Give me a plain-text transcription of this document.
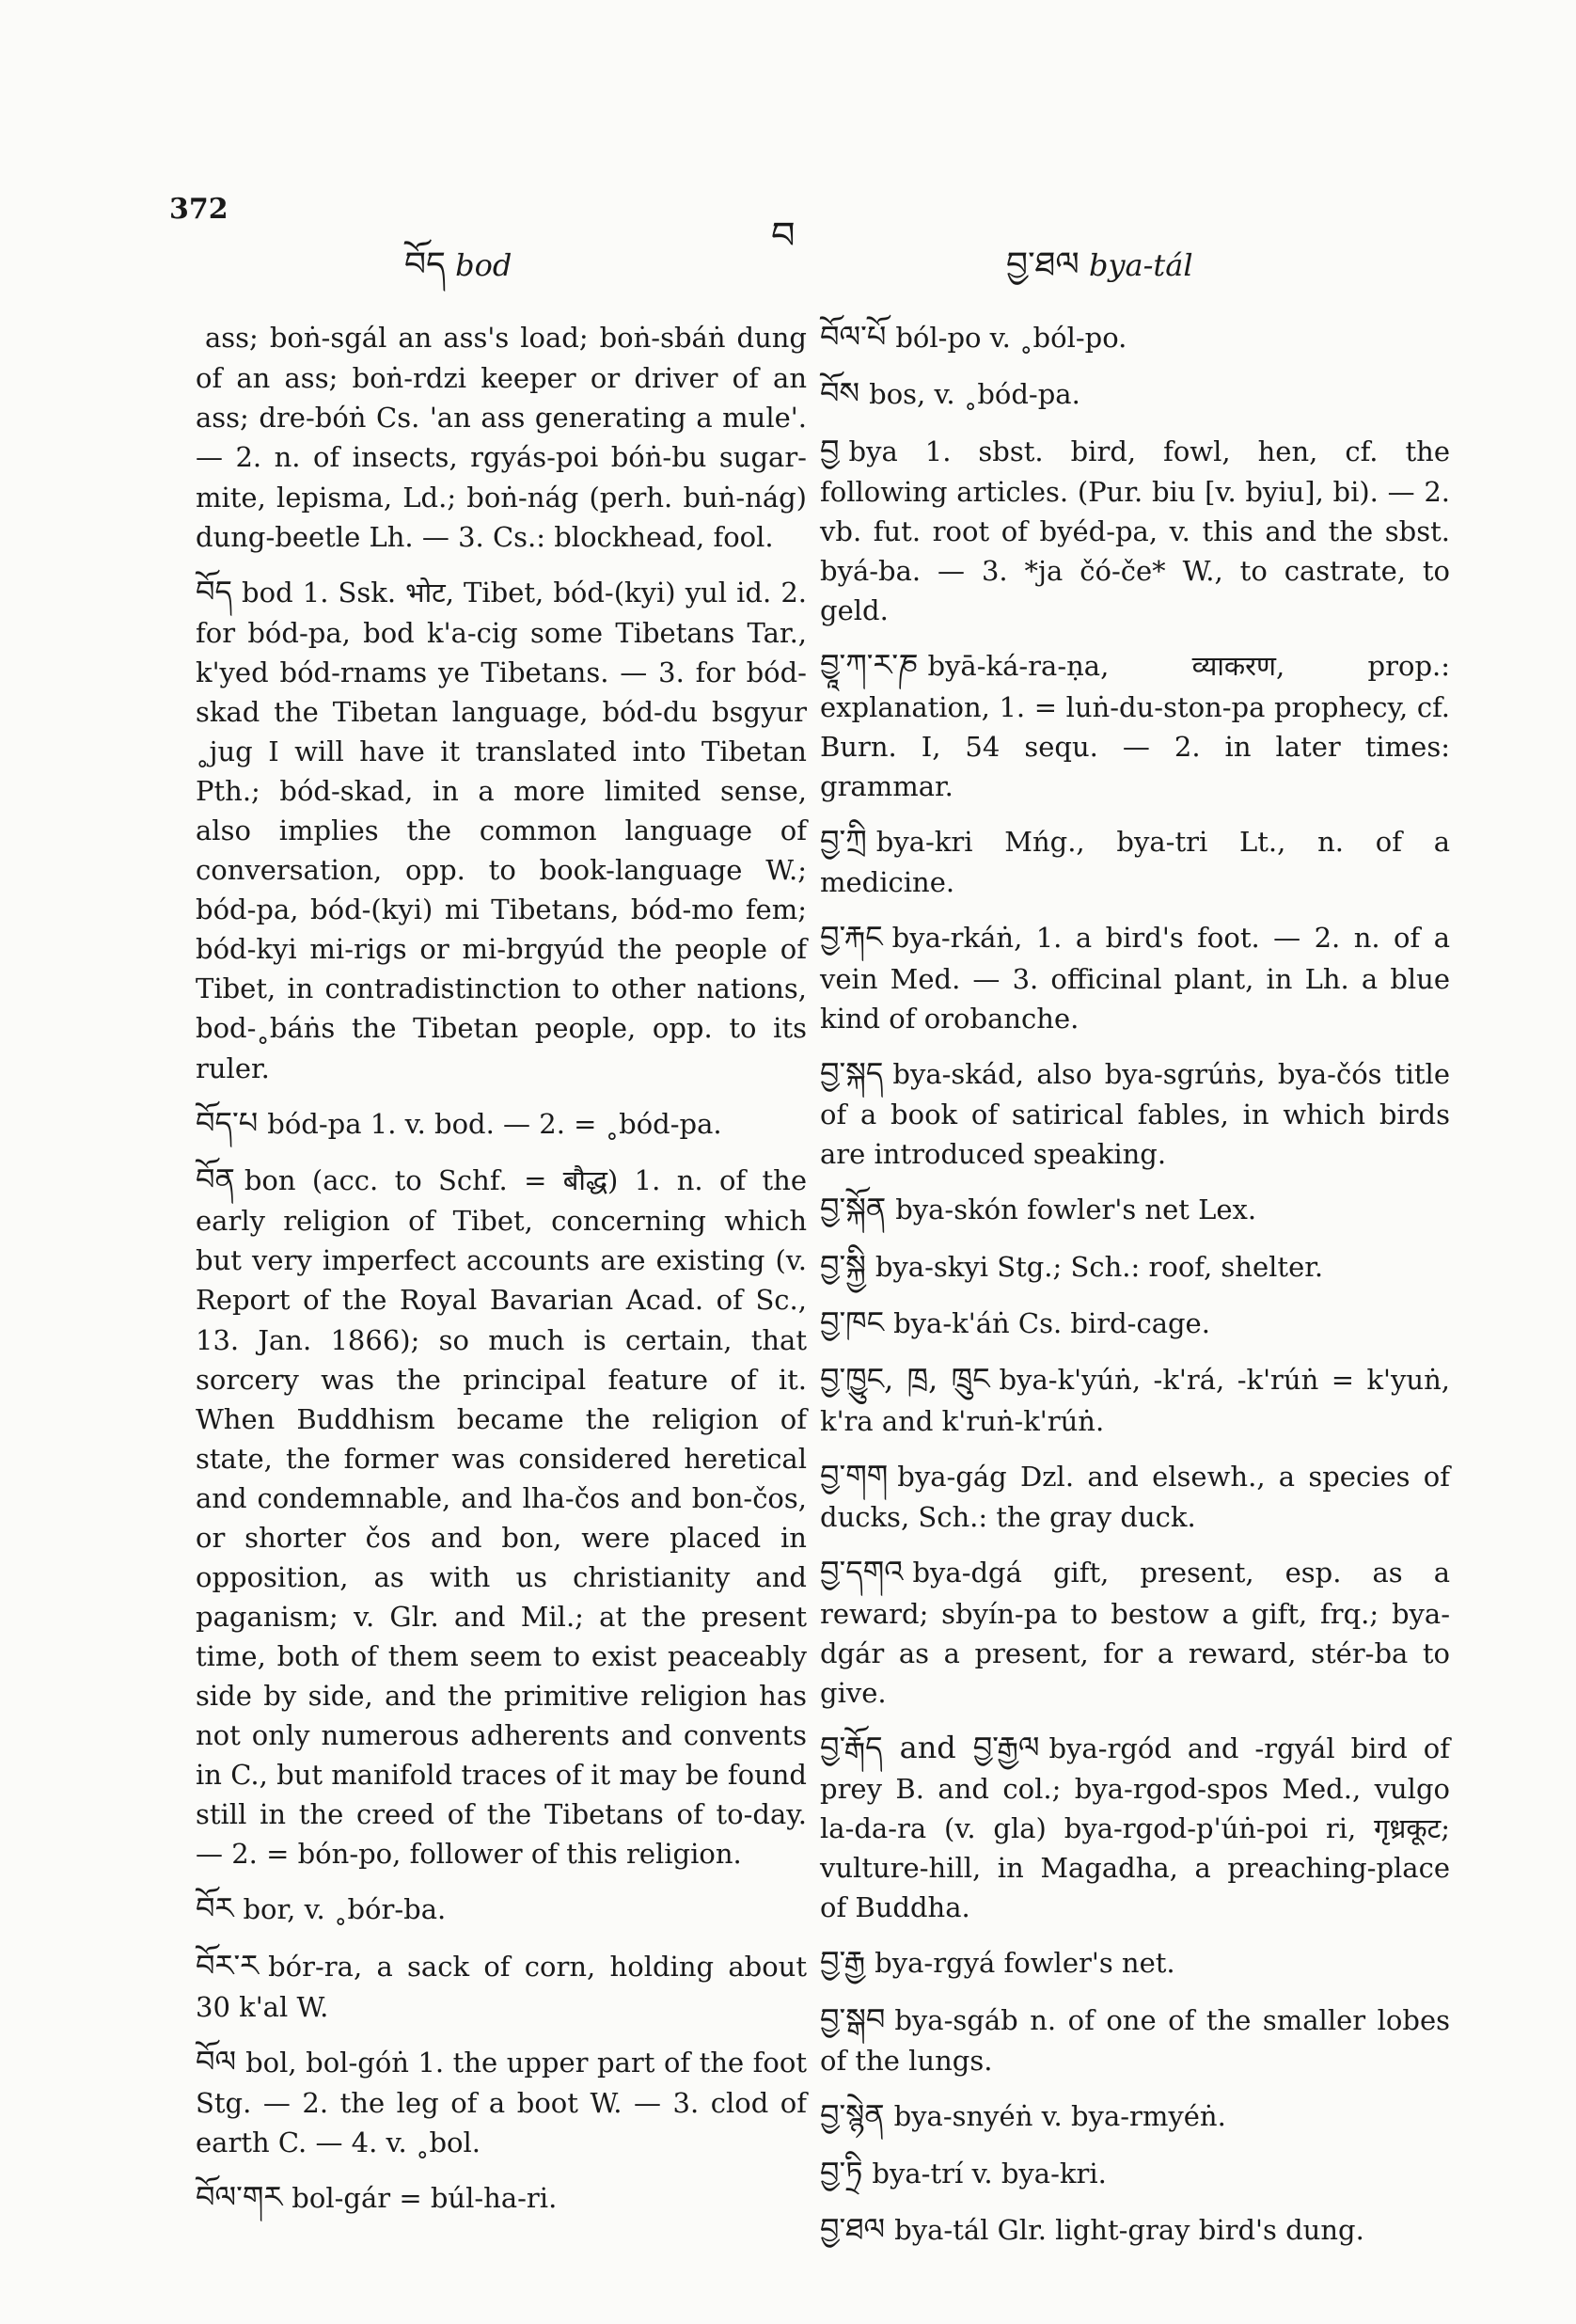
372
བ
བོད bod	བྱ་ཐལ bya-tál
ass; boṅ-sgál an ass's load; boṅ-sbáṅ dung of an ass; boṅ-rdzi keeper or driver of an ass; dre-bóṅ Cs. 'an ass generating a mule'. — 2. n. of insects, rgyás-poi bóṅ-bu sugar-mite, lepisma, Ld.; boṅ-nág (perh. buṅ-nág) dung-beetle Lh. — 3. Cs.: blockhead, fool.
བོད bod 1. Ssk. भोट, Tibet, bód-(kyi) yul id. 2. for bód-pa, bod k'a-cig some Tibetans Tar., k'yed bód-rnams ye Tibetans. — 3. for bód-skad the Tibetan language, bód-du bsgyur ˳jug I will have it translated into Tibetan Pth.; bód-skad, in a more limited sense, also implies the common language of conversation, opp. to book-language W.; bód-pa, bód-(kyi) mi Tibetans, bód-mo fem; bód-kyi mi-rigs or mi-brgyúd the people of Tibet, in contradistinction to other nations, bod-˳báṅs the Tibetan people, opp. to its ruler.
བོད་པ bód-pa 1. v. bod. — 2. = ˳bód-pa.
བོན bon (acc. to Schf. = बौद्ध) 1. n. of the early religion of Tibet, concerning which but very imperfect accounts are existing (v. Report of the Royal Bavarian Acad. of Sc., 13. Jan. 1866); so much is certain, that sorcery was the principal feature of it. When Buddhism became the religion of state, the former was considered heretical and condemnable, and lha-čos and bon-čos, or shorter čos and bon, were placed in opposition, as with us christianity and paganism; v. Glr. and Mil.; at the present time, both of them seem to exist peaceably side by side, and the primitive religion has not only numerous adherents and convents in C., but manifold traces of it may be found still in the creed of the Tibetans of to-day. — 2. = bón-po, follower of this religion.
བོར bor, v. ˳bór-ba.
བོར་ར bór-ra, a sack of corn, holding about 30 k'al W.
བོལ bol, bol-góṅ 1. the upper part of the foot Stg. — 2. the leg of a boot W. — 3. clod of earth C. — 4. v. ˳bol.
བོལ་གར bol-gár = búl-ha-ri.
བོལ་པོ ból-po v. ˳ból-po.
བོས bos, v. ˳bód-pa.
བྱ bya 1. sbst. bird, fowl, hen, cf. the following articles. (Pur. biu [v. byiu], bi). — 2. vb. fut. root of byéd-pa, v. this and the sbst. byá-ba. — 3. *ja čó-če* W., to castrate, to geld.
བྱཱ་ཀ་ར་ཎ byā-ká-ra-ṇa, व्याकरण, prop.: explanation, 1. = luṅ-du-ston-pa prophecy, cf. Burn. I, 54 sequ. — 2. in later times: grammar.
བྱ་ཀྲི bya-kri Mńg., bya-tri Lt., n. of a medicine.
བྱ་རྐང bya-rkáṅ, 1. a bird's foot. — 2. n. of a vein Med. — 3. officinal plant, in Lh. a blue kind of orobanche.
བྱ་སྐད bya-skád, also bya-sgrúṅs, bya-čós title of a book of satirical fables, in which birds are introduced speaking.
བྱ་སྐོན bya-skón fowler's net Lex.
བྱ་སྐྱི bya-skyi Stg.; Sch.: roof, shelter.
བྱ་ཁང bya-k'áṅ Cs. bird-cage.
བྱ་ཁྱུང, ཁྲ, ཁྲུང bya-k'yúṅ, -k'rá, -k'rúṅ = k'yuṅ, k'ra and k'ruṅ-k'rúṅ.
བྱ་གག bya-gág Dzl. and elsewh., a species of ducks, Sch.: the gray duck.
བྱ་དགའ bya-dgá gift, present, esp. as a reward; sbyín-pa to bestow a gift, frq.; bya-dgár as a present, for a reward, stér-ba to give.
བྱ་རྒོད and བྱ་རྒྱལ bya-rgód and -rgyál bird of prey B. and col.; bya-rgod-spos Med., vulgo la-da-ra (v. gla) bya-rgod-p'úṅ-poi ri, गृध्रकूट; vulture-hill, in Magadha, a preaching-place of Buddha.
བྱ་རྒྱ bya-rgyá fowler's net.
བྱ་སྒབ bya-sgáb n. of one of the smaller lobes of the lungs.
བྱ་སྙེན bya-snyéṅ v. bya-rmyéṅ.
བྱ་ཏྲི bya-trí v. bya-kri.
བྱ་ཐལ bya-tál Glr. light-gray bird's dung.
